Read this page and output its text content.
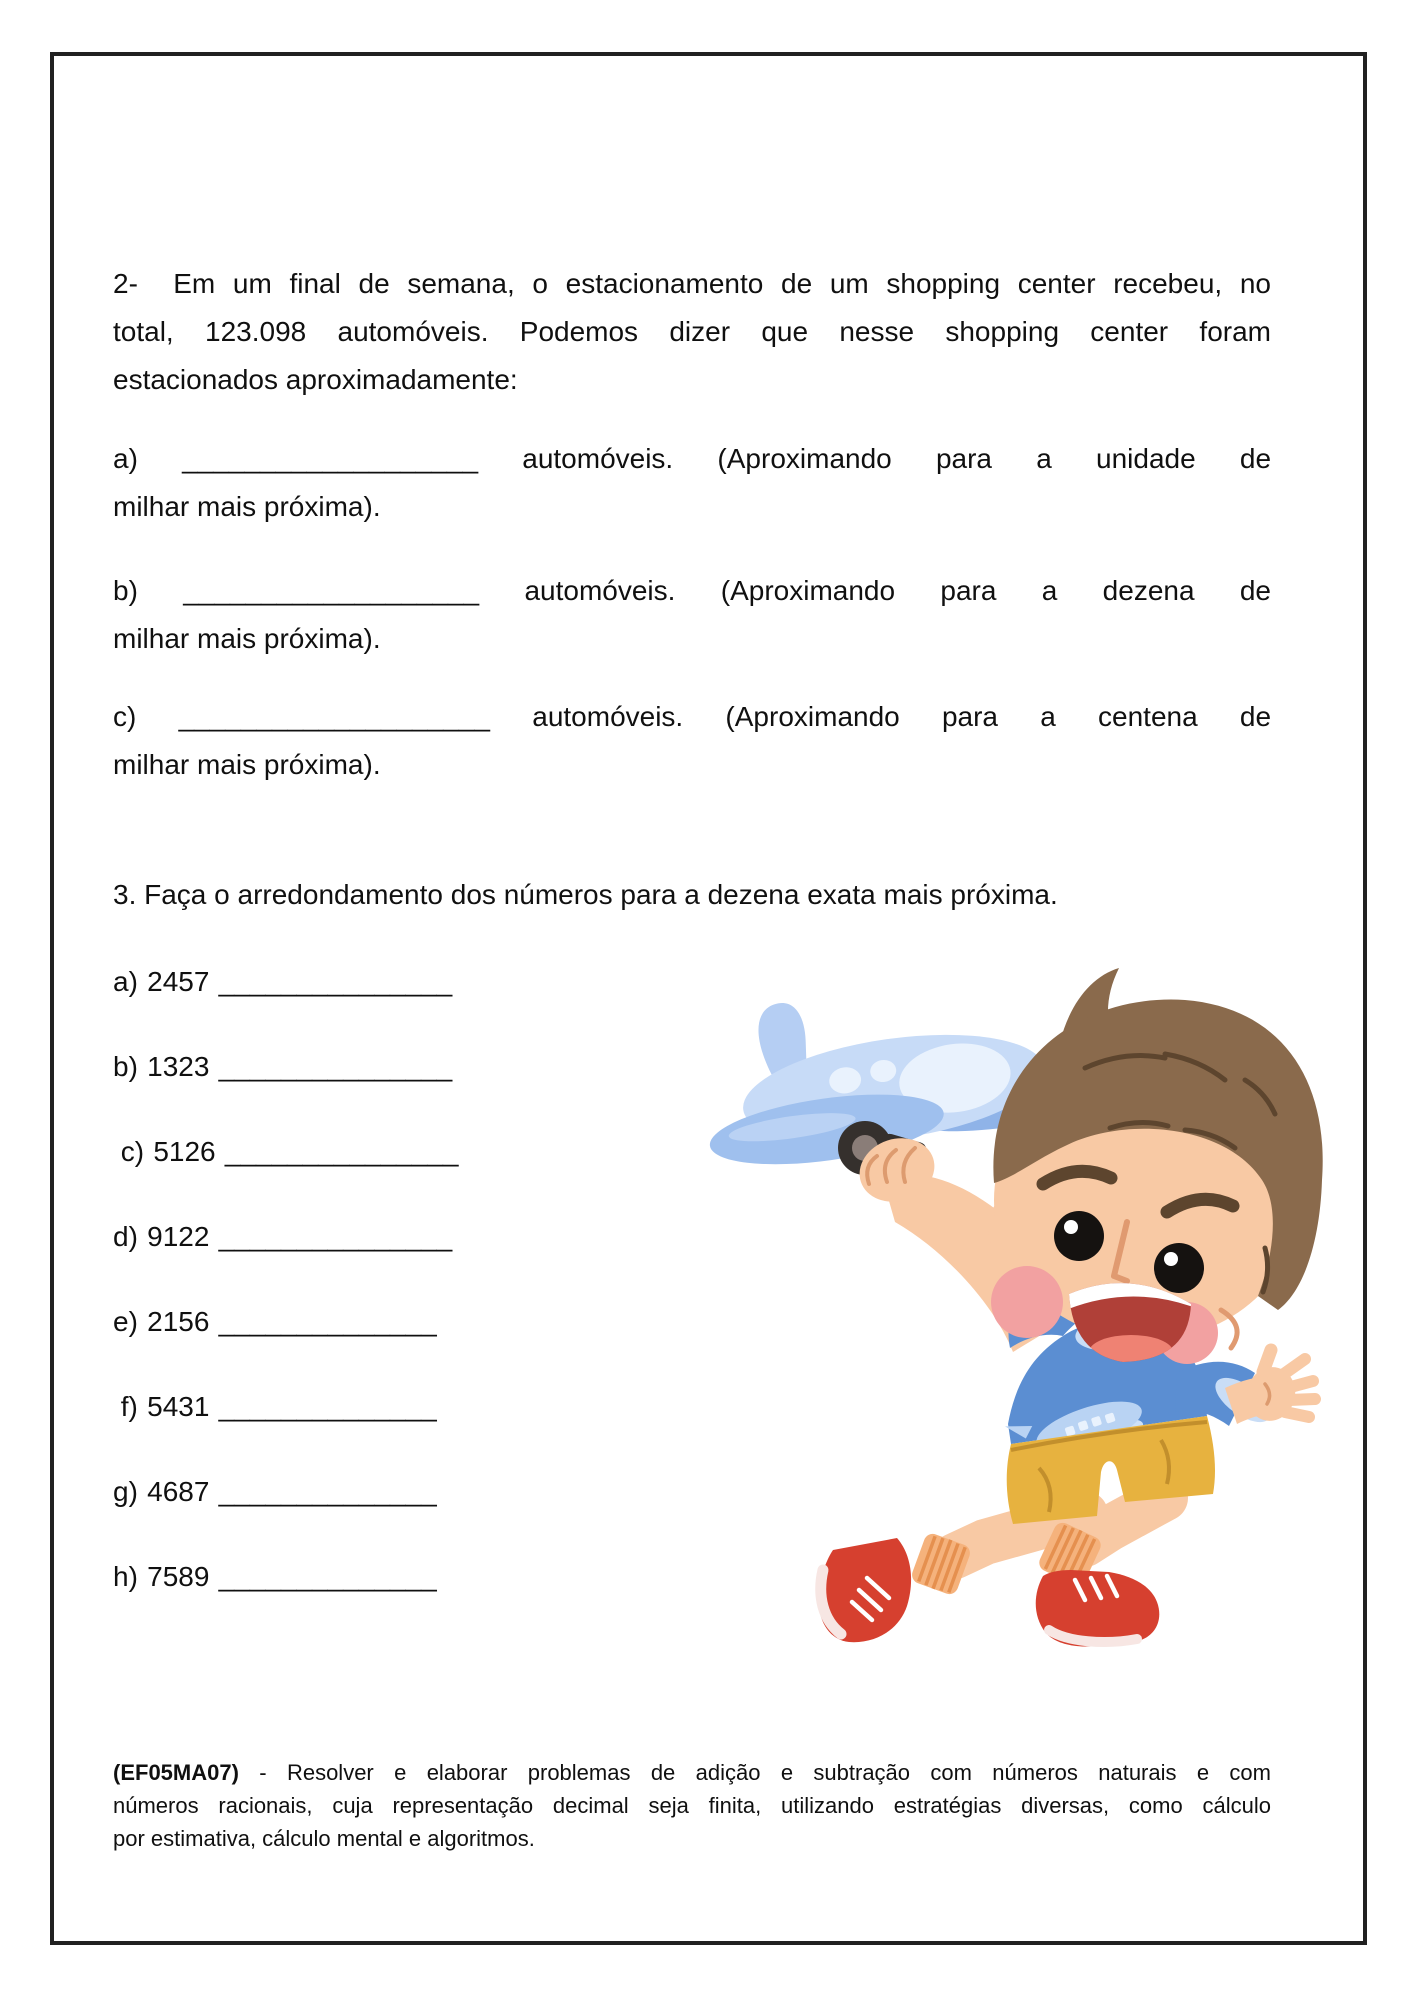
2-  Em um final de semana, o estacionamento de um shopping center recebeu, no
total, 123.098 automóveis. Podemos dizer que nesse shopping center foram
estacionados aproximadamente:
a) ___________________ automóveis. (Aproximando para a unidade de
milhar mais próxima).
b) ___________________ automóveis. (Aproximando para a dezena de
milhar mais próxima).
c) ____________________ automóveis. (Aproximando para a centena de
milhar mais próxima).
3. Faça o arredondamento dos números para a dezena exata mais próxima.
a) 2457 _______________
b) 1323 _______________
c) 5126 _______________
d) 9122 _______________
e) 2156 ______________
f) 5431 ______________
g) 4687 ______________
h) 7589 ______________
(EF05MA07) - Resolver e elaborar problemas de adição e subtração com números naturais e com
números racionais, cuja representação decimal seja finita, utilizando estratégias diversas, como cálculo
por estimativa, cálculo mental e algoritmos.
